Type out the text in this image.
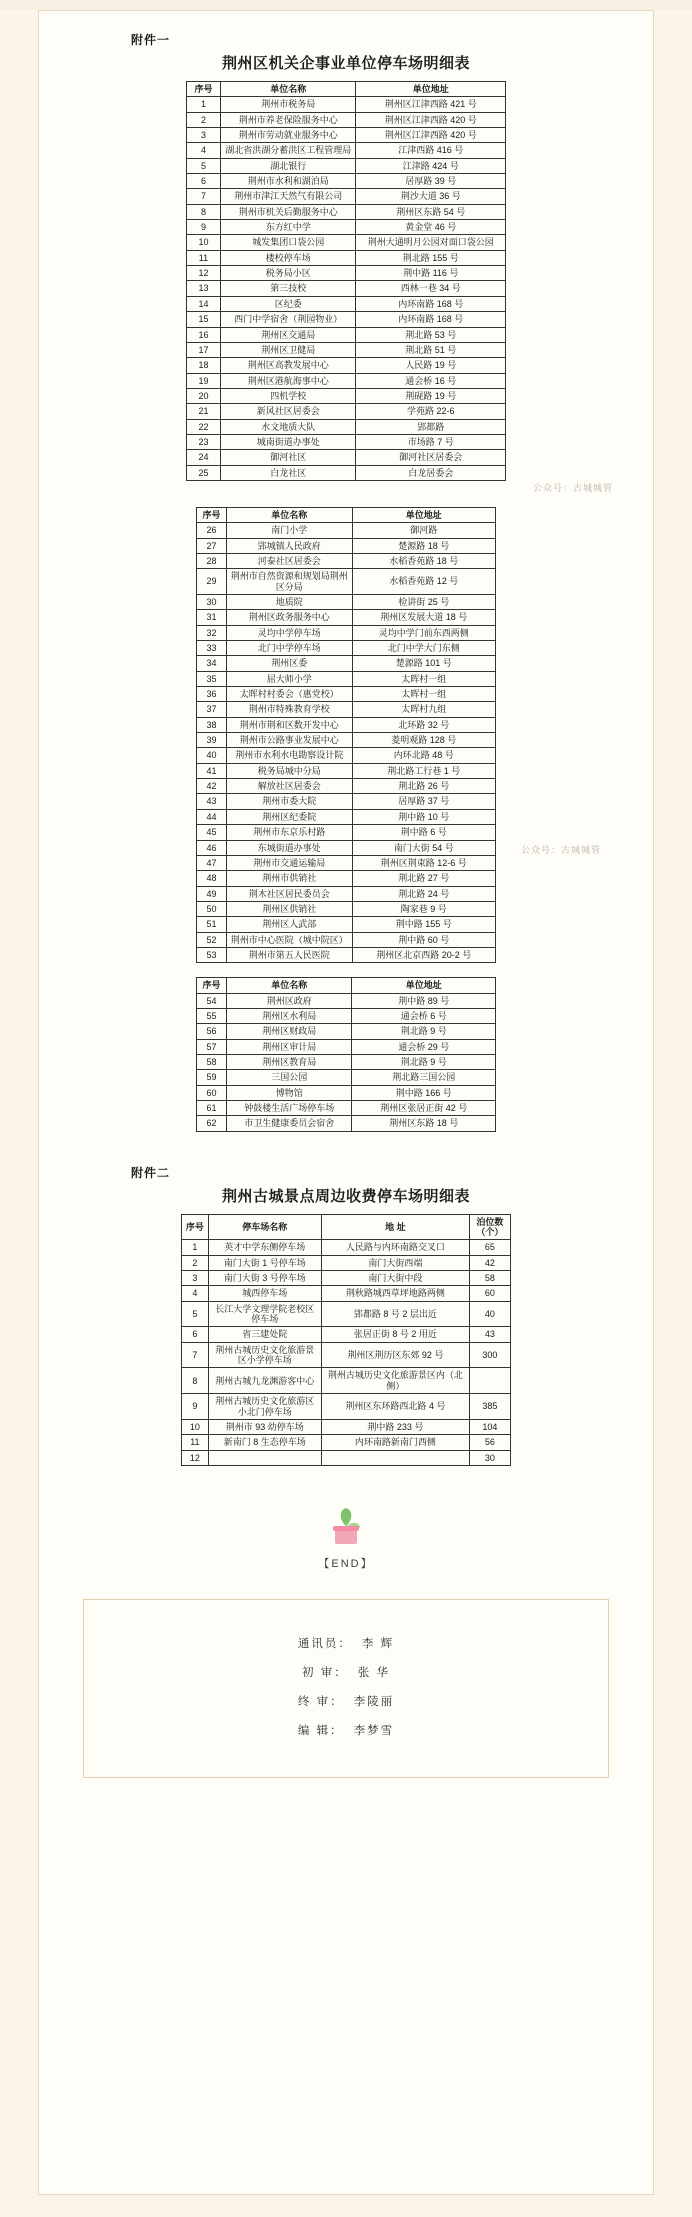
附件一
荆州区机关企事业单位停车场明细表
序号	单位名称	单位地址
1	荆州市税务局	荆州区江津西路 421 号
2	荆州市养老保险服务中心	荆州区江津西路 420 号
3	荆州市劳动就业服务中心	荆州区江津西路 420 号
4	湖北省洪湖分蓄洪区工程管理局	江津西路 416 号
5	湖北银行	江津路 424 号
6	荆州市水利和湖泊局	居厚路 39 号
7	荆州市津江天然气有限公司	荆沙大道 36 号
8	荆州市机关后勤服务中心	荆州区东路 54 号
9	东方红中学	黄金堂 46 号
10	城发集团口袋公园	荆州大通明月公园对面口袋公园
11	楼校停车场	荆北路 155 号
12	税务局小区	荆中路 116 号
13	第三技校	西林一巷 34 号
14	区纪委	内环南路 168 号
15	西门中学宿舍（荆园物业）	内环南路 168 号
16	荆州区交通局	荆北路 53 号
17	荆州区卫健局	荆北路 51 号
18	荆州区高教发展中心	人民路 19 号
19	荆州区港航海事中心	通会桥 16 号
20	四机学校	荆砚路 19 号
21	新风社区居委会	学苑路 22-6
22	水文地质大队	郢都路
23	城南街道办事处	市场路 7 号
24	御河社区	御河社区居委会
25	白龙社区	白龙居委会
公众号：古城城管
序号	单位名称	单位地址
26	南门小学	御河路
27	郢城镇人民政府	楚源路 18 号
28	河泰社区居委会	水稻香苑路 18 号
29	荆州市自然资源和规划局荆州区分局	水稻香苑路 12 号
30	地质院	检讲街 25 号
31	荆州区政务服务中心	荆州区发展大道 18 号
32	灵均中学停车场	灵均中学门前东西两侧
33	北门中学停车场	北门中学大门东侧
34	荆州区委	楚源路 101 号
35	屈大师小学	太晖村一组
36	太晖村村委会（惠党校）	太晖村一组
37	荆州市特殊教育学校	太晖村九组
38	荆州市荆和区数开发中心	北环路 32 号
39	荆州市公路事业发展中心	菱明观路 128 号
40	荆州市水利水电勘察设计院	内环北路 48 号
41	税务局城中分局	荆北路工行巷 1 号
42	解放社区居委会	荆北路 26 号
43	荆州市委大院	居厚路 37 号
44	荆州区纪委院	荆中路 10 号
45	荆州市东京乐村路	荆中路 6 号
46	东城街道办事处	南门大街 54 号
47	荆州市交通运输局	荆州区荆束路 12-6 号
48	荆州市供销社	荆北路 27 号
49	荆木社区居民委员会	荆北路 24 号
50	荆州区供销社	陶家巷 9 号
51	荆州区人武部	荆中路 155 号
52	荆州市中心医院（城中院区）	荆中路 60 号
53	荆州市第五人民医院	荆州区北京西路 20-2 号
公众号：古城城管
序号	单位名称	单位地址
54	荆州区政府	荆中路 89 号
55	荆州区水利局	通会桥 6 号
56	荆州区财政局	荆北路 9 号
57	荆州区审计局	通会桥 29 号
58	荆州区教育局	荆北路 9 号
59	三国公园	荆北路三国公园
60	博物馆	荆中路 166 号
61	钟鼓楼生活广场停车场	荆州区张居正街 42 号
62	市卫生健康委员会宿舍	荆州区东路 18 号
附件二
荆州古城景点周边收费停车场明细表
序号	停车场名称	地 址	泊位数（个）
1	英才中学东侧停车场	人民路与内环南路交叉口	65
2	南门大街 1 号停车场	南门大街西端	42
3	南门大街 3 号停车场	南门大街中段	58
4	城西停车场	荆秋路城西草坪地路两侧	60
5	长江大学文理学院老校区停车场	郢都路 8 号 2 层出近	40
6	省三建处院	张居正街 8 号 2 用近	43
7	荆州古城历史文化旅游景区小学停车场	荆州区荆历区东郊 92 号	300
8	荆州古城九龙渊游客中心	荆州古城历史文化旅游景区内（北侧）	
9	荆州古城历史文化旅游区小北门停车场	荆州区东环路西北路 4 号	385
10	荆州市 93 幼停车场	荆中路 233 号	104
11	新南门 8 生态停车场	内环南路新南门西侧	56
12			30
【END】
通讯员： 李 辉
初 审： 张 华
终 审： 李陵丽
编 辑： 李梦雪
